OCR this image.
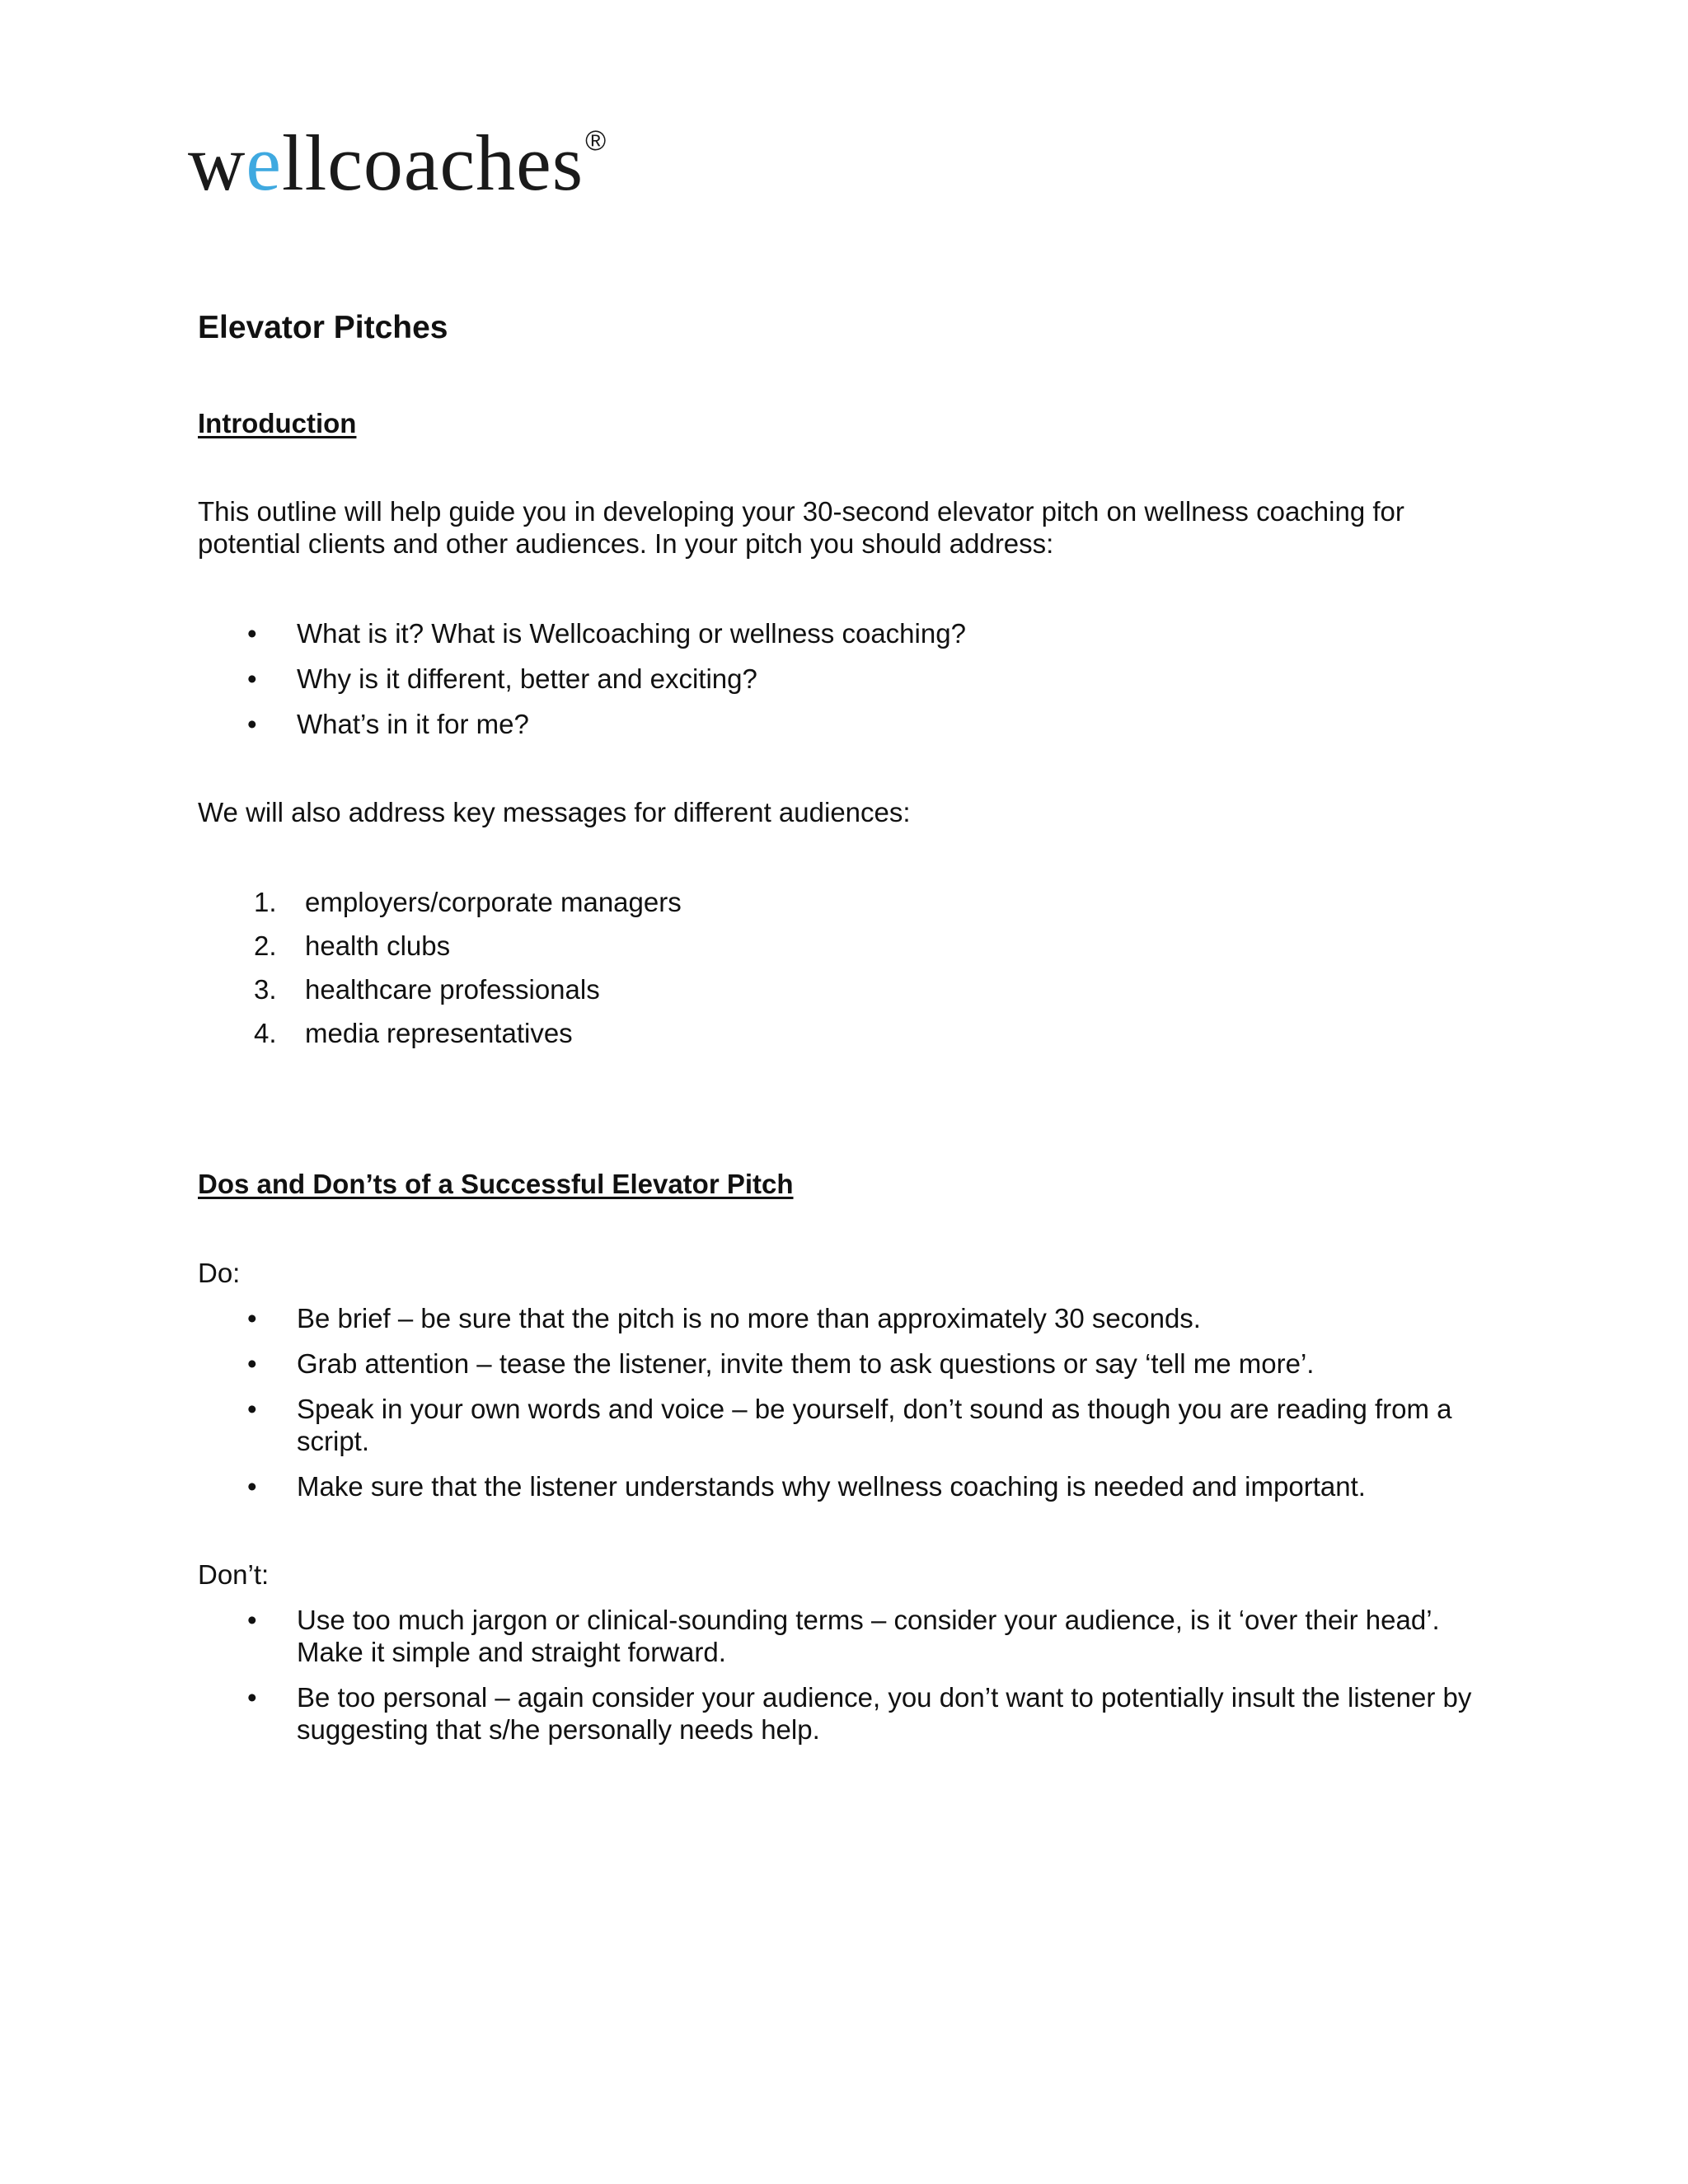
wellcoaches®
Elevator Pitches
Introduction

This outline will help guide you in developing your 30-second elevator pitch on wellness coaching for potential clients and other audiences. In your pitch you should address:

• What is it? What is Wellcoaching or wellness coaching?
• Why is it different, better and exciting?
• What’s in it for me?

We will also address key messages for different audiences:

1. employers/corporate managers
2. health clubs
3. healthcare professionals
4. media representatives
Dos and Don’ts of a Successful Elevator Pitch

Do:

• Be brief – be sure that the pitch is no more than approximately 30 seconds.
• Grab attention – tease the listener, invite them to ask questions or say ‘tell me more’.
• Speak in your own words and voice – be yourself, don’t sound as though you are reading from a script.
• Make sure that the listener understands why wellness coaching is needed and important.

Don’t:

• Use too much jargon or clinical-sounding terms – consider your audience, is it ‘over their head’. Make it simple and straight forward.
• Be too personal – again consider your audience, you don’t want to potentially insult the listener by suggesting that s/he personally needs help.
